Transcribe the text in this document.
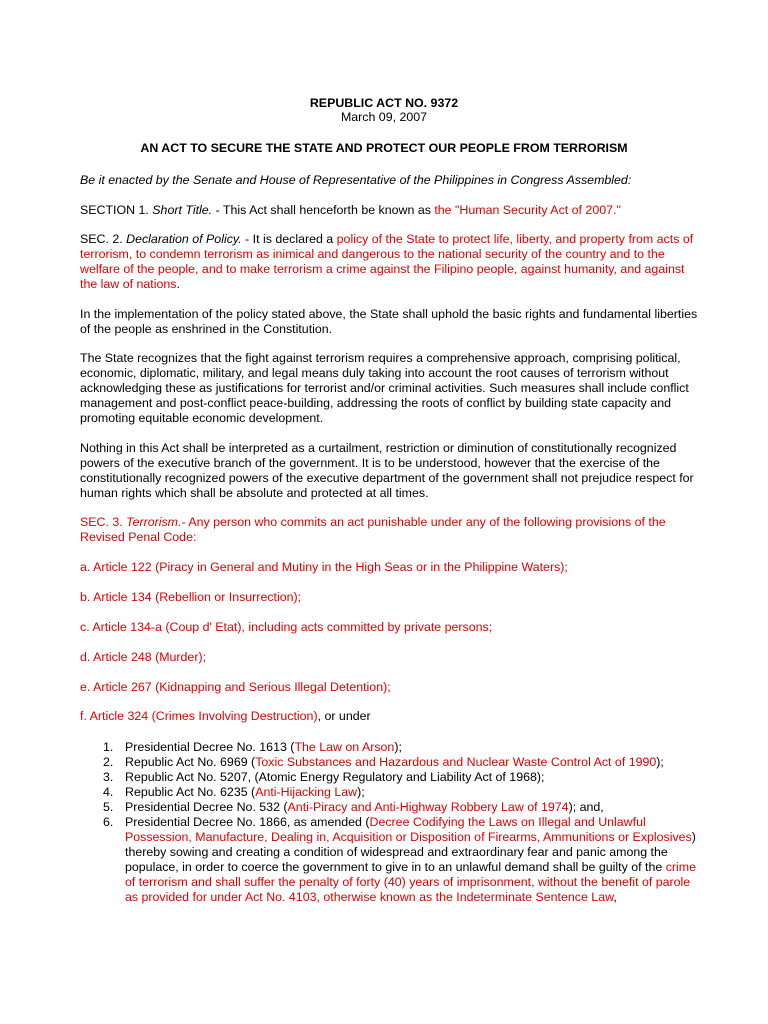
REPUBLIC ACT NO. 9372
March 09, 2007
AN ACT TO SECURE THE STATE AND PROTECT OUR PEOPLE FROM TERRORISM

Be it enacted by the Senate and House of Representative of the Philippines in Congress Assembled:

SECTION 1. Short Title. - This Act shall henceforth be known as the "Human Security Act of 2007."

SEC. 2. Declaration of Policy. - It is declared a policy of the State to protect life, liberty, and property from acts of terrorism, to condemn terrorism as inimical and dangerous to the national security of the country and to the welfare of the people, and to make terrorism a crime against the Filipino people, against humanity, and against the law of nations.

In the implementation of the policy stated above, the State shall uphold the basic rights and fundamental liberties of the people as enshrined in the Constitution.

The State recognizes that the fight against terrorism requires a comprehensive approach, comprising political, economic, diplomatic, military, and legal means duly taking into account the root causes of terrorism without acknowledging these as justifications for terrorist and/or criminal activities. Such measures shall include conflict management and post-conflict peace-building, addressing the roots of conflict by building state capacity and promoting equitable economic development.

Nothing in this Act shall be interpreted as a curtailment, restriction or diminution of constitutionally recognized powers of the executive branch of the government. It is to be understood, however that the exercise of the constitutionally recognized powers of the executive department of the government shall not prejudice respect for human rights which shall be absolute and protected at all times.

SEC. 3. Terrorism.- Any person who commits an act punishable under any of the following provisions of the Revised Penal Code:

a. Article 122 (Piracy in General and Mutiny in the High Seas or in the Philippine Waters);

b. Article 134 (Rebellion or Insurrection);

c. Article 134-a (Coup d' Etat), including acts committed by private persons;

d. Article 248 (Murder);

e. Article 267 (Kidnapping and Serious Illegal Detention);

f. Article 324 (Crimes Involving Destruction), or under

1. Presidential Decree No. 1613 (The Law on Arson);
2. Republic Act No. 6969 (Toxic Substances and Hazardous and Nuclear Waste Control Act of 1990);
3. Republic Act No. 5207, (Atomic Energy Regulatory and Liability Act of 1968);
4. Republic Act No. 6235 (Anti-Hijacking Law);
5. Presidential Decree No. 532 (Anti-Piracy and Anti-Highway Robbery Law of 1974); and,
6. Presidential Decree No. 1866, as amended (Decree Codifying the Laws on Illegal and Unlawful Possession, Manufacture, Dealing in, Acquisition or Disposition of Firearms, Ammunitions or Explosives)
thereby sowing and creating a condition of widespread and extraordinary fear and panic among the populace, in order to coerce the government to give in to an unlawful demand shall be guilty of the crime of terrorism and shall suffer the penalty of forty (40) years of imprisonment, without the benefit of parole as provided for under Act No. 4103, otherwise known as the Indeterminate Sentence Law,
